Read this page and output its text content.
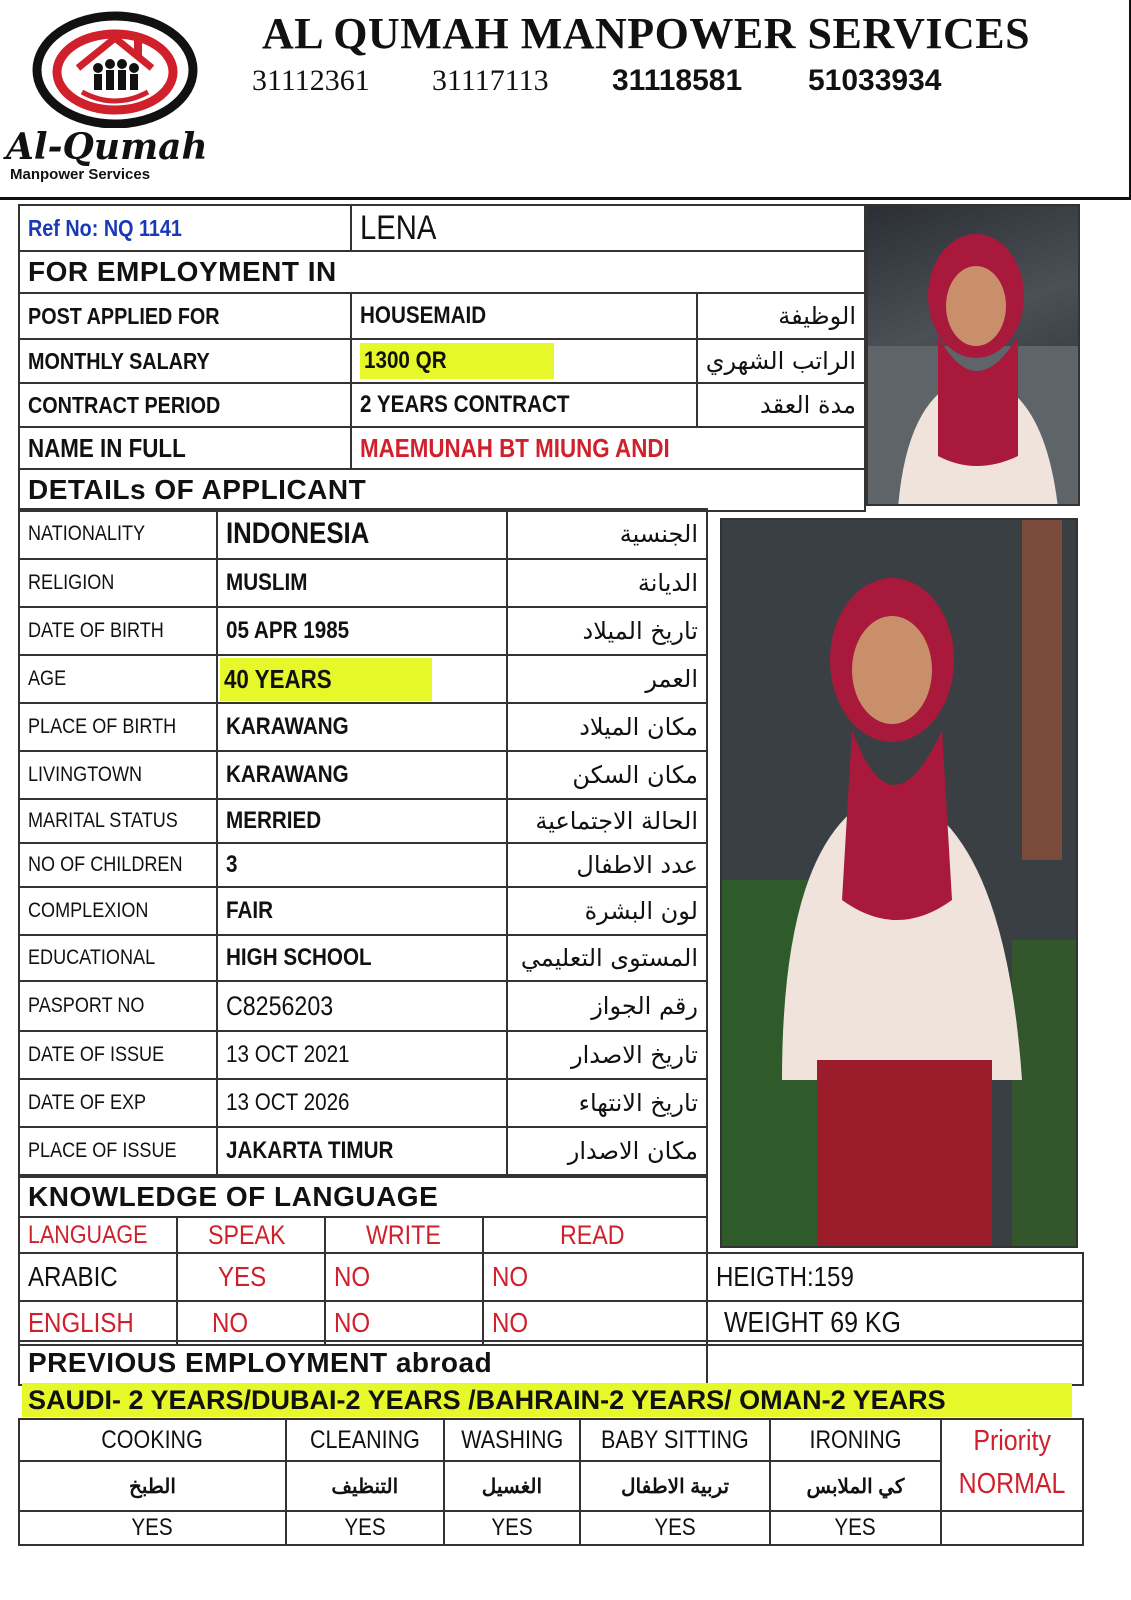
Al-Qumah
Manpower Services
AL QUMAH MANPOWER SERVICES
31112361 31117113 31118581 51033934
Ref No: NQ 1141	LENA	
FOR EMPLOYMENT IN		
POST APPLIED FOR	HOUSEMAID	الوظيفة
MONTHLY SALARY	1300 QR	الراتب الشهري
CONTRACT PERIOD	2 YEARS CONTRACT	مدة العقد
NAME IN FULL	MAEMUNAH BT MIUNG ANDI	
DETAILs OF APPLICANT		
NATIONALITY	INDONESIA	الجنسية
RELIGION	MUSLIM	الديانة
DATE OF BIRTH	05 APR 1985	تاريخ الميلاد
AGE	40 YEARS	العمر
PLACE OF BIRTH	KARAWANG	مكان الميلاد
LIVINGTOWN	KARAWANG	مكان السكن
MARITAL STATUS	MERRIED	الحالة الاجتماعية
NO OF CHILDREN	3	عدد الاطفال
COMPLEXION	FAIR	لون البشرة
EDUCATIONAL	HIGH SCHOOL	المستوى التعليمي
PASPORT NO	C8256203	رقم الجواز
DATE OF ISSUE	13 OCT 2021	تاريخ الاصدار
DATE OF EXP	13 OCT 2026	تاريخ الانتهاء
PLACE OF ISSUE	JAKARTA TIMUR	مكان الاصدار
KNOWLEDGE OF LANGUAGE			
LANGUAGE	SPEAK	WRITE	READ
ARABIC	YES	NO	NO
ENGLISH	NO	NO	NO
HEIGTH:159
WEIGHT 69 KG
PREVIOUS EMPLOYMENT abroad	
SAUDI- 2 YEARS/DUBAI-2 YEARS /BAHRAIN-2 YEARS/ OMAN-2 YEARS
COOKING	CLEANING	WASHING	BABY SITTING	IRONING	Priority
NORMAL
الطبخ	التنظيف	الغسيل	تربية الاطفال	كي الملابس	
YES	YES	YES	YES	YES	
